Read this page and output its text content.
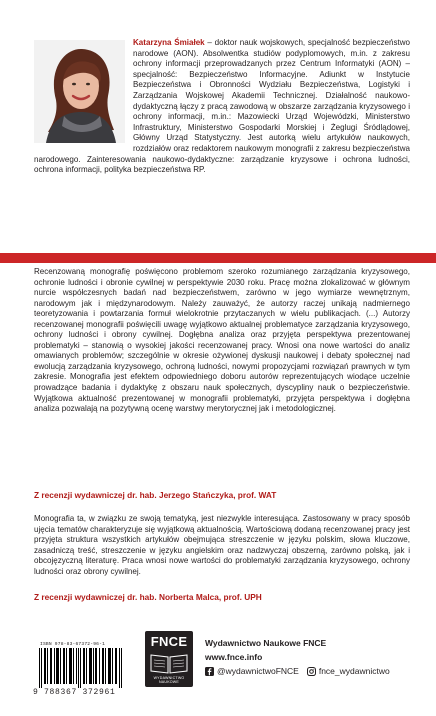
Katarzyna Śmiałek – doktor nauk wojskowych, specjalność bezpieczeństwo narodowe (AON). Absolwentka studiów podyplomowych, m.in. z zakresu ochrony informacji przeprowadzanych przez Centrum Informatyki (AON) – specjalność: Bezpieczeństwo Informacyjne. Adiunkt w Instytucie Bezpieczeństwa i Obronności Wydziału Bezpieczeństwa, Logistyki i Zarządzania Wojskowej Akademii Technicznej. Działalność naukowo-dydaktyczną łączy z pracą zawodową w obszarze zarządzania kryzysowego i ochrony informacji, m.in.: Mazowiecki Urząd Wojewódzki, Ministerstwo Infrastruktury, Ministerstwo Gospodarki Morskiej i Żeglugi Śródlądowej, Główny Urząd Statystyczny. Jest autorką wielu artykułów naukowych, rozdziałów oraz redaktorem naukowym monografii z zakresu bezpieczeństwa narodowego. Zainteresowania naukowo-dydaktyczne: zarządzanie kryzysowe i ochrona ludności, ochrona informacji, polityka bezpieczeństwa RP.

Recenzowaną monografię poświęcono problemom szeroko rozumianego zarządzania kryzysowego, ochronie ludności i obronie cywilnej w perspektywie 2030 roku. Pracę można zlokalizować w głównym nurcie współczesnych badań nad bezpieczeństwem, zarówno w jego wymiarze wewnętrznym, narodowym jak i międzynarodowym. Należy zauważyć, że autorzy raczej unikają nadmiernego teoretyzowania i powtarzania formuł wielokrotnie przytaczanych w wielu publikacjach. (...) Autorzy recenzowanej monografii poświęcili uwagę wyjątkowo aktualnej problematyce zarządzania kryzysowego, ochrony ludności i obrony cywilnej. Dogłębna analiza oraz przyjęta perspektywa prezentowanej problematyki – stanowią o wysokiej jakości recenzowanej pracy. Wnosi ona nowe wartości do analiz omawianych problemów; szczególnie w okresie ożywionej dyskusji naukowej i debaty społecznej nad ewolucją zarządzania kryzysowego, ochroną ludności, nowymi propozycjami rozwiązań prawnych w tym zakresie. Monografia jest efektem odpowiedniego doboru autorów reprezentujących wiodące uczelnie prowadzące badania i dydaktykę z obszaru nauk społecznych, dyscypliny nauk o bezpieczeństwie. Wyjątkowa aktualność prezentowanej w monografii problematyki, przyjęta perspektywa i dogłębna analiza pozwalają na pozytywną ocenę warstwy merytorycznej jak i metodologicznej.

Z recenzji wydawniczej dr. hab. Jerzego Stańczyka, prof. WAT

Monografia ta, w związku ze swoją tematyką, jest niezwykle interesująca. Zastosowany w pracy sposób ujęcia tematów charakteryzuje się wyjątkową aktualnością. Wartościową dodaną recenzowanej pracy jest przyjęta struktura wszystkich artykułów obejmująca streszczenie w języku polskim, słowa kluczowe, zasadniczą treść, streszczenie w języku angielskim oraz nadzwyczaj obszerną, zarówno polską, jak i obcojęzyczną literaturę. Praca wnosi nowe wartości do problematyki zarządzania kryzysowego, ochrony ludności oraz obrony cywilnej.

Z recenzji wydawniczej dr. hab. Norberta Malca, prof. UPH

ISBN 978-83-67372-96-1
9 788367 372961
FNCE
WYDAWNICTWO NAUKOWE
Wydawnictwo Naukowe FNCE
www.fnce.info
@wydawnictwoFNCE fnce_wydawnictwo
